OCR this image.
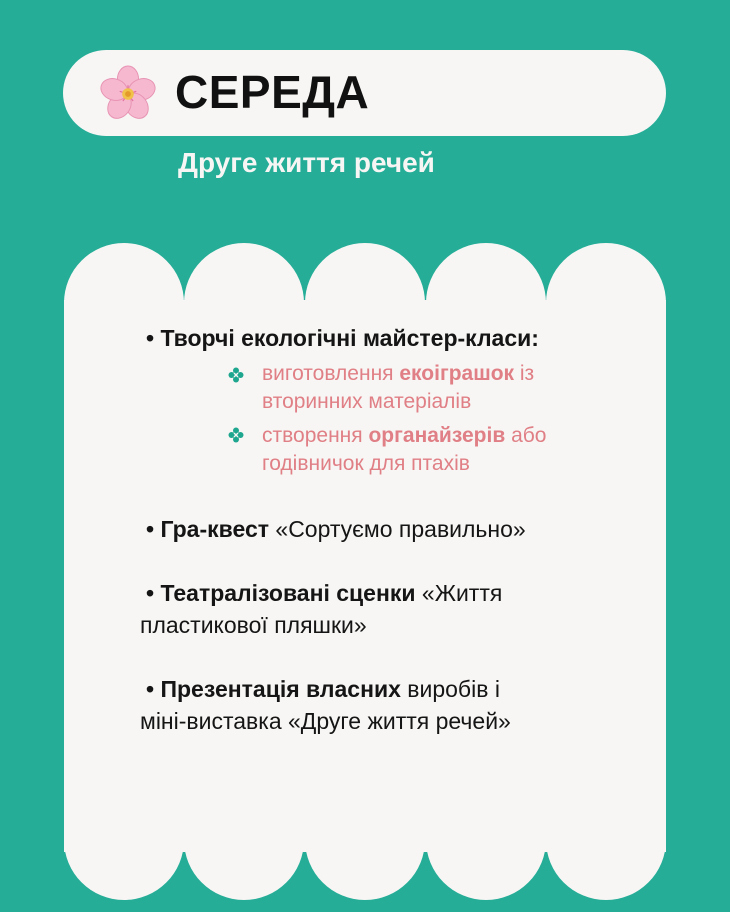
СЕРЕДА
Друге життя речей
• Творчі екологічні майстер-класи:
виготовлення екоіграшок із
вторинних матеріалів
створення органайзерів або
годівничок для птахів
• Гра-квест «Сортуємо правильно»
• Театралізовані сценки «Життя
пластикової пляшки»
• Презентація власних виробів і
міні-виставка «Друге життя речей»
